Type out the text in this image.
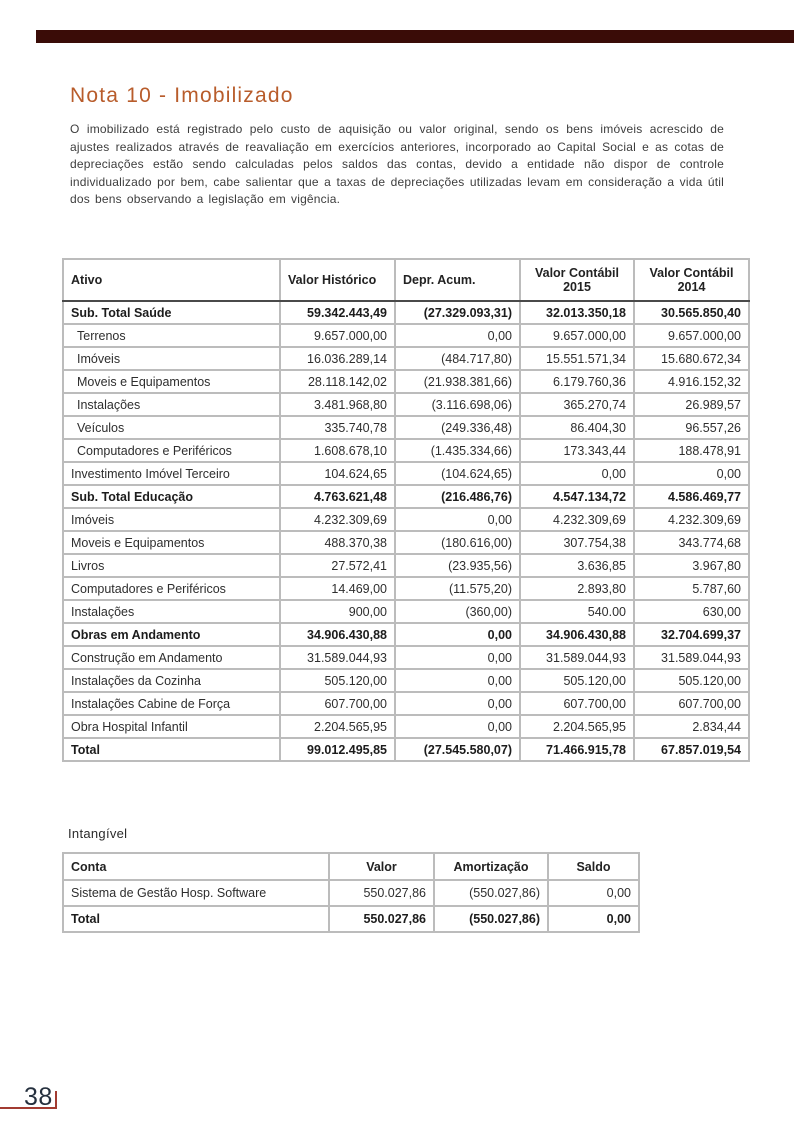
Nota 10 - Imobilizado

O imobilizado está registrado pelo custo de aquisição ou valor original, sendo os bens imóveis acrescido de ajustes realizados através de reavaliação em exercícios anteriores, incorporado ao Capital Social e as cotas de depreciações estão sendo calculadas pelos saldos das contas, devido a entidade não dispor de controle individualizado por bem, cabe salientar que a taxas de depreciações utilizadas levam em consideração a vida útil dos bens observando a legislação em vigência.

Ativo	Valor Histórico	Depr. Acum.	Valor Contábil 2015	Valor Contábil 2014
Sub. Total Saúde	59.342.443,49	(27.329.093,31)	32.013.350,18	30.565.850,40
Terrenos	9.657.000,00	0,00	9.657.000,00	9.657.000,00
Imóveis	16.036.289,14	(484.717,80)	15.551.571,34	15.680.672,34
Moveis e Equipamentos	28.118.142,02	(21.938.381,66)	6.179.760,36	4.916.152,32
Instalações	3.481.968,80	(3.116.698,06)	365.270,74	26.989,57
Veículos	335.740,78	(249.336,48)	86.404,30	96.557,26
Computadores e Periféricos	1.608.678,10	(1.435.334,66)	173.343,44	188.478,91
Investimento Imóvel Terceiro	104.624,65	(104.624,65)	0,00	0,00
Sub. Total Educação	4.763.621,48	(216.486,76)	4.547.134,72	4.586.469,77
Imóveis	4.232.309,69	0,00	4.232.309,69	4.232.309,69
Moveis e Equipamentos	488.370,38	(180.616,00)	307.754,38	343.774,68
Livros	27.572,41	(23.935,56)	3.636,85	3.967,80
Computadores e Periféricos	14.469,00	(11.575,20)	2.893,80	5.787,60
Instalações	900,00	(360,00)	540.00	630,00
Obras em Andamento	34.906.430,88	0,00	34.906.430,88	32.704.699,37
Construção em Andamento	31.589.044,93	0,00	31.589.044,93	31.589.044,93
Instalações da Cozinha	505.120,00	0,00	505.120,00	505.120,00
Instalações Cabine de Força	607.700,00	0,00	607.700,00	607.700,00
Obra Hospital Infantil	2.204.565,95	0,00	2.204.565,95	2.834,44
Total	99.012.495,85	(27.545.580,07)	71.466.915,78	67.857.019,54
Intangível
Conta	Valor	Amortização	Saldo
Sistema de Gestão Hosp. Software	550.027,86	(550.027,86)	0,00
Total	550.027,86	(550.027,86)	0,00
38
